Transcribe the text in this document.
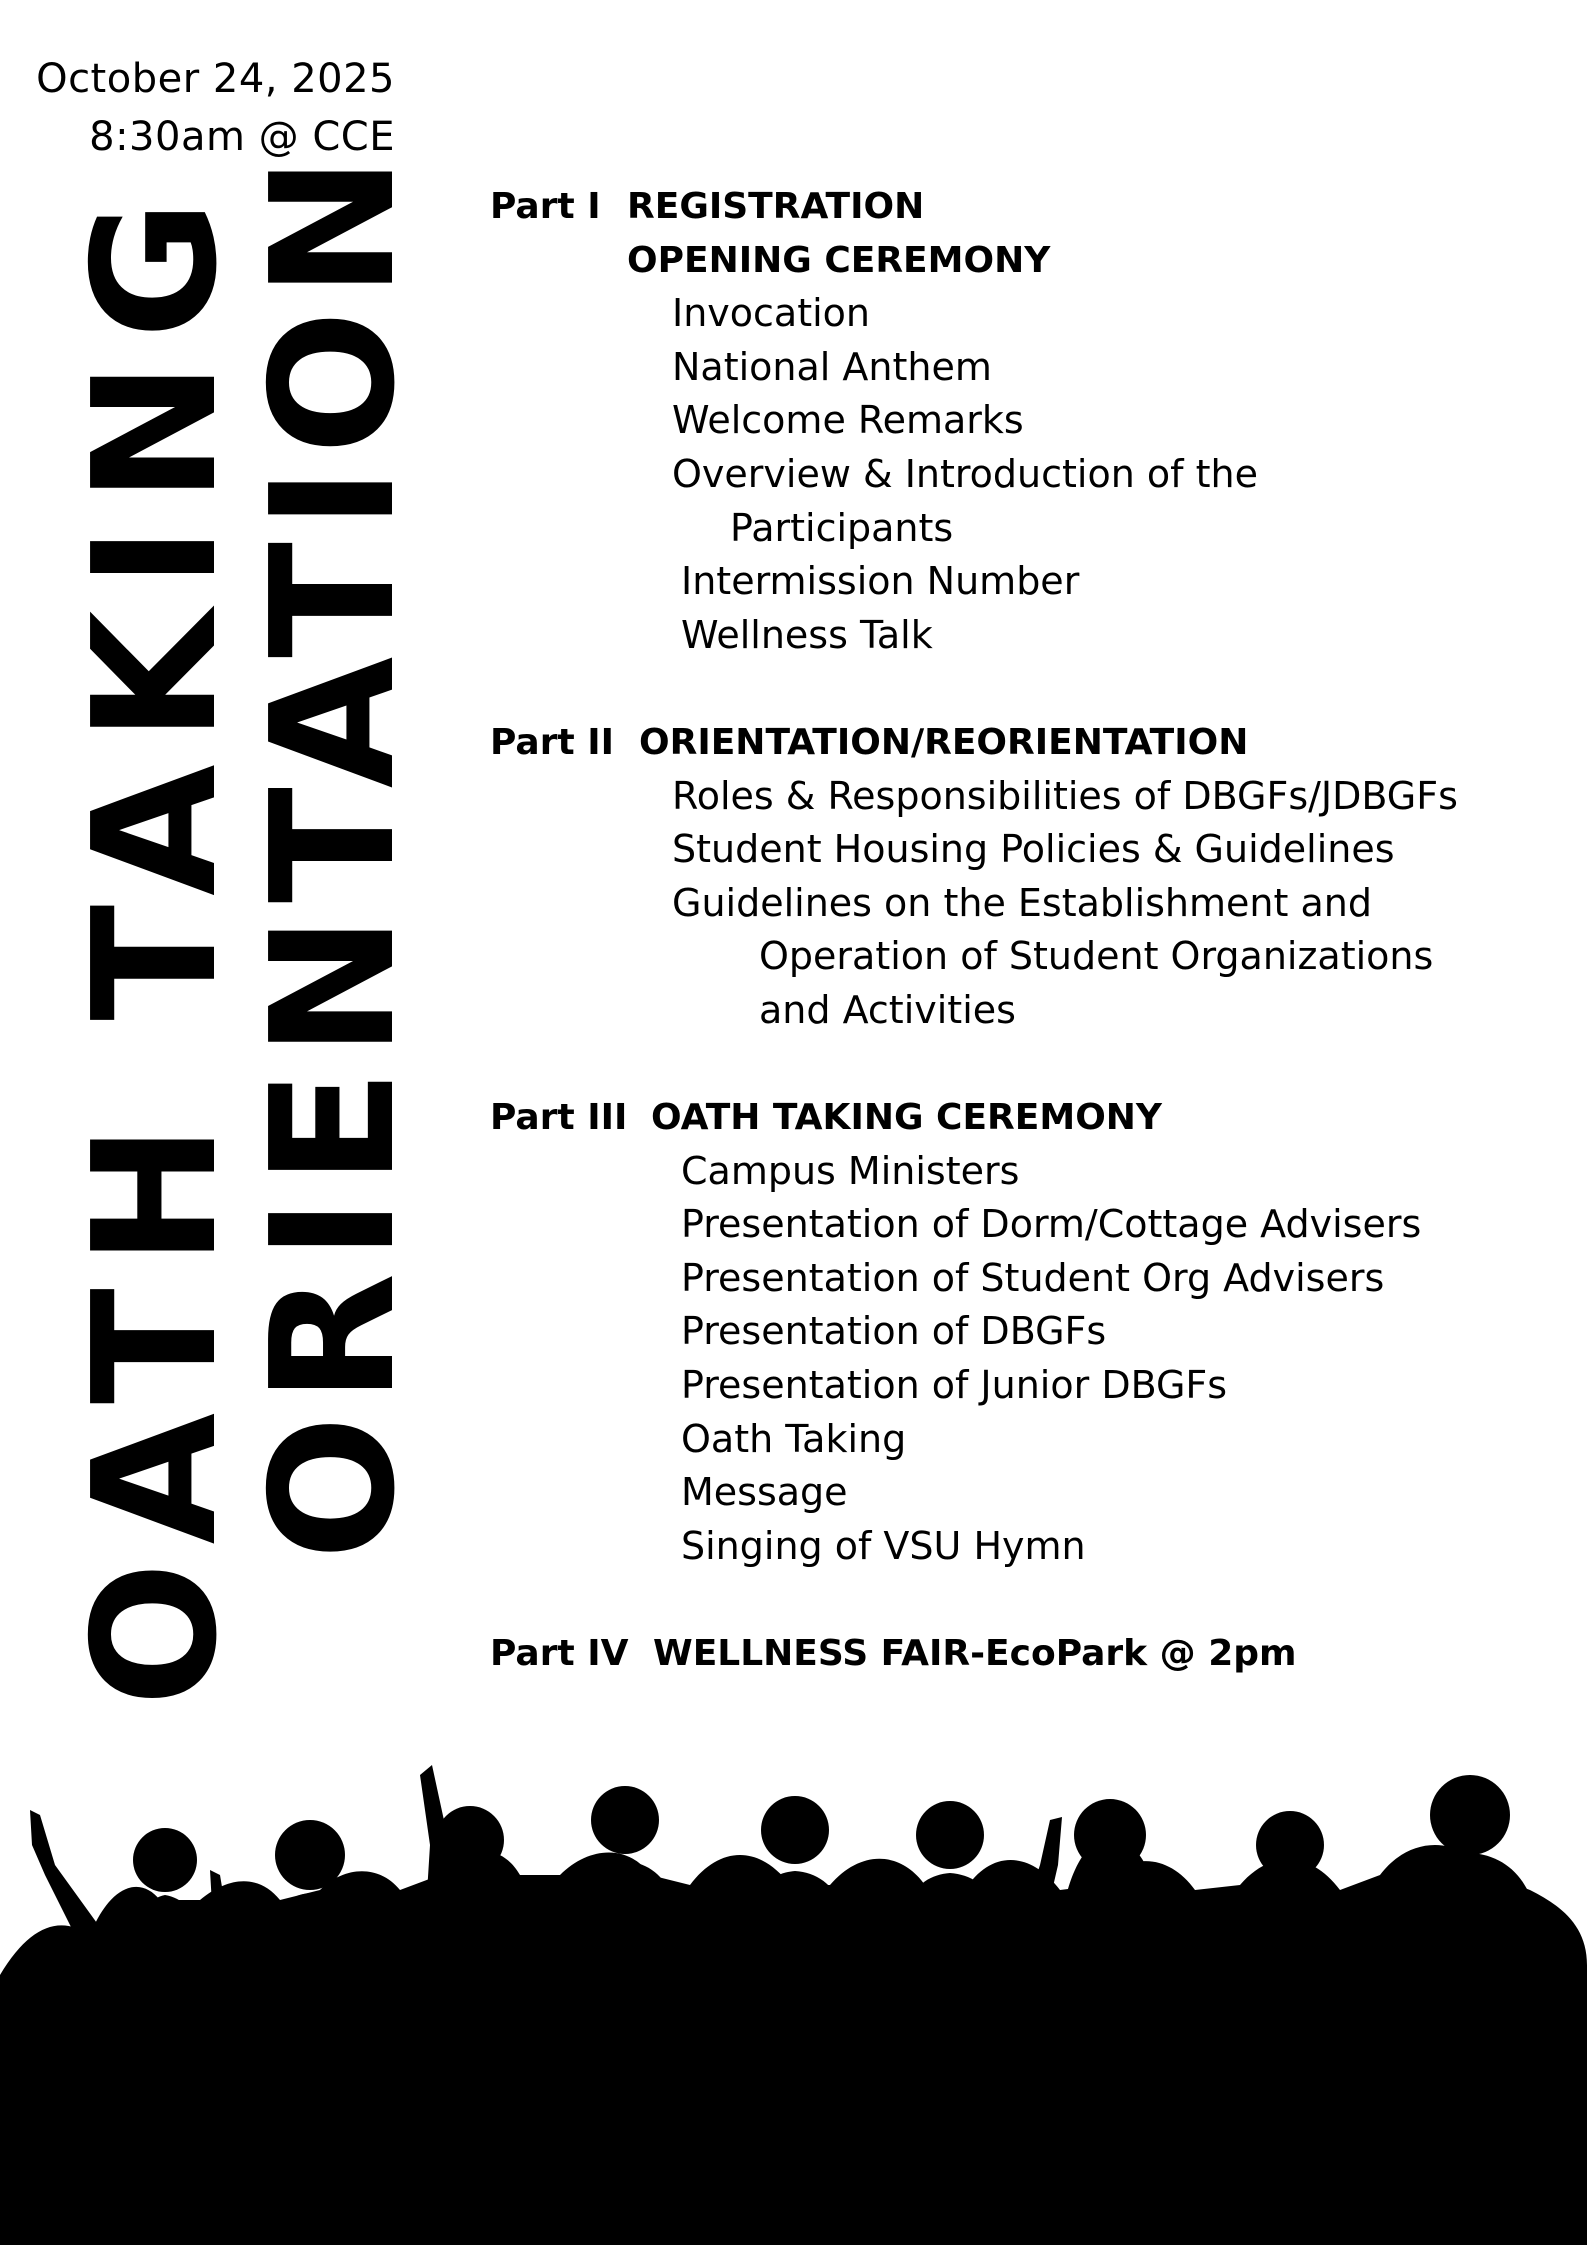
October 24, 2025
8:30am @ CCE
OATH TAKING
ORIENTATION Part I REGISTRATION
OPENING CEREMONY
Invocation
National Anthem
Welcome Remarks
Overview & Introduction of the
Participants
Intermission Number
Wellness Talk
Part II ORIENTATION/REORIENTATION
Roles & Responsibilities of DBGFs/JDBGFs
Student Housing Policies & Guidelines
Guidelines on the Establishment and
Operation of Student Organizations
and Activities
Part III OATH TAKING CEREMONY
Campus Ministers
Presentation of Dorm/Cottage Advisers
Presentation of Student Org Advisers
Presentation of DBGFs
Presentation of Junior DBGFs
Oath Taking
Message
Singing of VSU Hymn
Part IV WELLNESS FAIR-EcoPark @ 2pm
